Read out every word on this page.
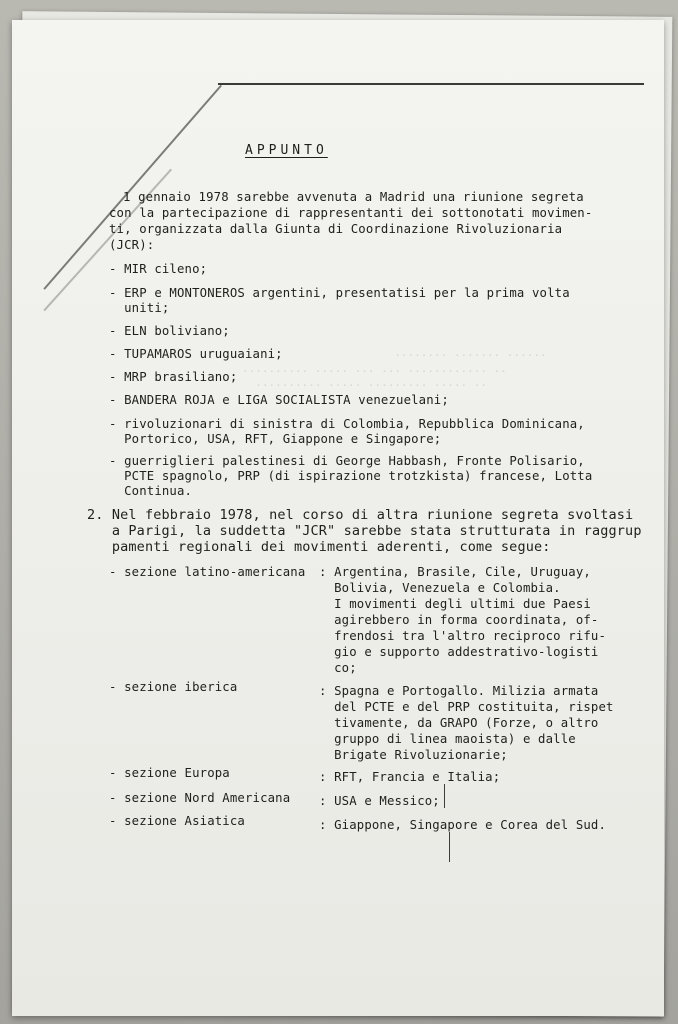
........ ....... ......
.......... ..... ... ... ............ ..
.......... ..... ......... ..... ..
APPUNTO
1 gennaio 1978 sarebbe avvenuta a Madrid una riunione segreta
con la partecipazione di rappresentanti dei sottonotati movimen-
ti, organizzata dalla Giunta di Coordinazione Rivoluzionaria
(JCR):
- MIR cileno;
- ERP e MONTONEROS argentini, presentatisi per la prima volta
uniti;
- ELN boliviano;
- TUPAMAROS uruguaiani;
- MRP brasiliano;
- BANDERA ROJA e LIGA SOCIALISTA venezuelani;
- rivoluzionari di sinistra di Colombia, Repubblica Dominicana,
Portorico, USA, RFT, Giappone e Singapore;
- guerriglieri palestinesi di George Habbash, Fronte Polisario,
PCTE spagnolo, PRP (di ispirazione trotzkista) francese, Lotta
Continua.
2. Nel febbraio 1978, nel corso di altra riunione segreta svoltasi
a Parigi, la suddetta "JCR" sarebbe stata strutturata in raggrup
pamenti regionali dei movimenti aderenti, come segue:
- sezione latino-americana : Argentina, Brasile, Cile, Uruguay,
Bolivia, Venezuela e Colombia.
I movimenti degli ultimi due Paesi
agirebbero in forma coordinata, of-
frendosi tra l'altro reciproco rifu-
gio e supporto addestrativo-logisti
co;
- sezione iberica	: Spagna e Portogallo. Milizia armata
del PCTE e del PRP costituita, rispet
tivamente, da GRAPO (Forze, o altro
gruppo di linea maoista) e dalle
Brigate Rivoluzionarie;
- sezione Europa	: RFT, Francia e Italia;
- sezione Nord Americana : USA e Messico;
- sezione Asiatica	: Giappone, Singapore e Corea del Sud.
